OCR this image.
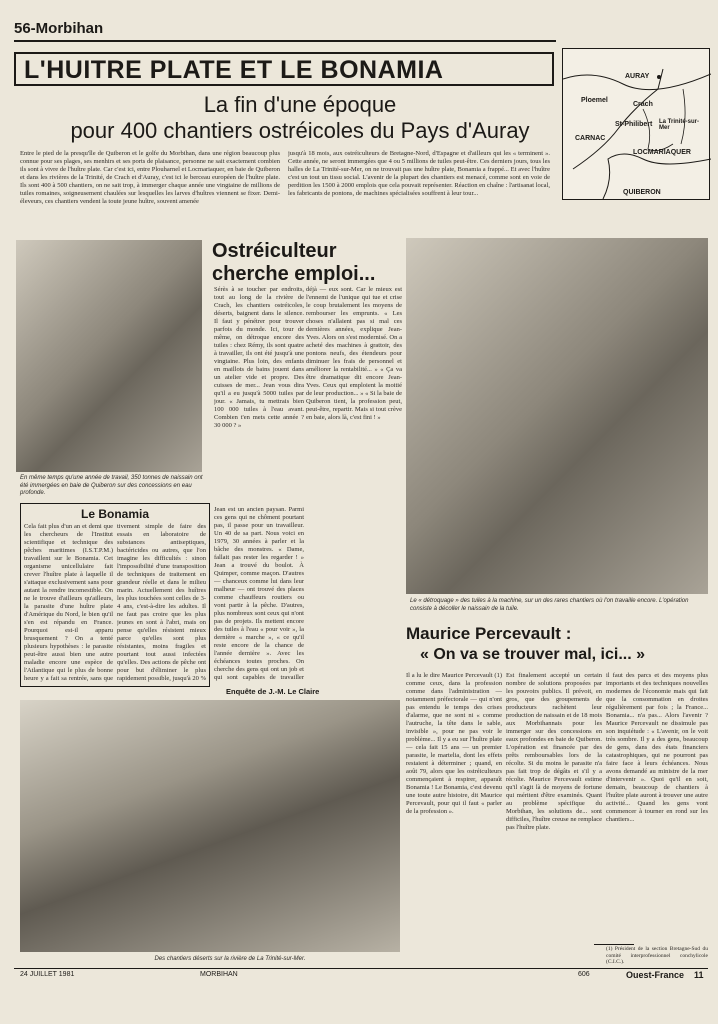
56-Morbihan
L'HUITRE PLATE ET LE BONAMIA
La fin d'une époque
pour 400 chantiers ostréicoles du Pays d'Auray
AURAY
Ploemel
Crach
St-Philibert
CARNAC
La Trinité-sur-Mer
LOCMARIAQUER
QUIBERON
Entre le pied de la presqu'île de Quiberon et le golfe du Morbihan, dans une région beaucoup plus connue pour ses plages, ses menhirs et ses ports de plaisance, personne ne sait exactement combien ils sont à vivre de l'huître plate. Car c'est ici, entre Plouharnel et Locmariaquer, en baie de Quiberon et dans les rivières de la Trinité, de Crach et d'Auray, c'est ici le berceau européen de l'huître plate. Ils sont 400 à 500 chantiers, on ne sait trop, à immerger chaque année une vingtaine de millions de tuiles romaines, soigneusement chaulées sur lesquelles les larves d'huîtres viennent se fixer. Demi-éleveurs, ces chantiers vendent la toute jeune huître, souvent amenée
jusqu'à 18 mois, aux ostréiculteurs de Bretagne-Nord, d'Espagne et d'ailleurs qui les « terminent ». Cette année, ne seront immergées que 4 ou 5 millions de tuiles peut-être. Ces derniers jours, tous les halles de La Trinité-sur-Mer, on ne trouvait pas une huître plate, Bonamia a frappé... Et avec l'huître c'est un tout un tissu social. L'avenir de la plupart des chantiers est menacé, comme sont en voie de perdition les 1500 à 2000 emplois que cela pouvait représenter. Réaction en chaîne : l'artisanat local, les fabricants de pontons, de machines spécialisées souffrent à leur tour...
En même temps qu'une année de travail, 350 tonnes de naissain ont été immergées en baie de Quiberon sur des concessions en eau profonde.
Ostréiculteur
cherche emploi...
Sérès à se toucher par endroits, tout au long de la rivière de Crach, les chantiers ostréicoles, déserts, baignent dans le silence. Il faut y pénétrer pour trouver parfois du monde. Ici, tour de même, on détroque encore des tuiles : chez Rémy, ils sont quatre à travailler, ils ont été jusqu'à une vingtaine. Plus loin, des enfants en maillots de bains jouent dans un atelier vide et propre. Des cuisses de mer... Jean vous dira qu'il a eu jusqu'à 5000 tuiles par jour. « Jamais, tu mettrais bien 100 000 tuiles à l'eau avant. Combien t'en mets cette année ? 30 000 ? »
déjà — eux sont. Car le mieux est l'ennemi de l'unique qui tue et crise le coup brutalement les moyens de rembourser les emprunts. « Les choses n'allaient pas si mal ces dernières années, explique Jean-Yves. Alors on s'est modernisé. On a acheté des machines à grattoir, des pontons neufs, des étendeurs pour diminuer les frais de personnel et améliorer la rentabilité... » « Ça va être dramatique dit encore Jean-Yves. Ceux qui emploient la moitié de leur production... » « Si la baie de Quiberon tient, la profession peut, peut-être, repartir. Mais si tout crève en baie, alors là, c'est fini ! »
Jean est un ancien paysan. Parmi ces gens qui ne chôment pourtant pas, il passe pour un travailleur. Un 40 de sa part. Nous voici en 1979, 30 années à parler et la bâche des monstres. « Dame, fallait pas rester les regarder ! » Jean a trouvé du boulot. À Quimper, comme maçon. D'autres — chanceux comme lui dans leur malheur — ont trouvé des places comme chauffeurs routiers ou vont partir à la pêche. D'autres, plus nombreux sont ceux qui n'ont pas de projets. Ils mettent encore des tuiles à l'eau « pour voir », la dernière « marche », « ce qu'il reste encore de la chance de l'année dernière ». Avec les échéances toutes proches. On cherche des gens qui ont un job et qui sont capables de travailler
Le « détroquage » des tuiles à la machine, sur un des rares chantiers où l'on travaille encore. L'opération consiste à décoller le naissain de la tuile.
Le Bonamia
Cela fait plus d'un an et demi que les chercheurs de l'Institut scientifique et technique des pêches maritimes (I.S.T.P.M.) travaillent sur le Bonamia. Cet organisme unicellulaire fait crever l'huître plate à laquelle il s'attaque exclusivement sans pour autant la rendre incomestible. On ne le trouve d'ailleurs qu'ailleurs, la parasite d'une huître plate d'Amérique du Nord, le bien qu'il s'en est répandu en France. Pourquoi est-il apparu brusquement ? On a tenté plusieurs hypothèses : le parasite peut-être aussi bien une autre maladie encore une espèce de l'Atlantique qui le plus de bonne heure y a fait sa rentrée, sans que
tivement simple de faire des essais en laboratoire de substances antiseptiques, bactéricides ou autres, que l'on imagine les difficultés : sinon l'impossibilité d'une transposition de techniques de traitement en grandeur réelle et dans le milieu marin. Actuellement des huîtres les plus touchées sont celles de 3-4 ans, c'est-à-dire les adultes. Il ne faut pas croire que les plus jeunes en sont à l'abri, mais on pense qu'elles résistent mieux parce qu'elles sont plus résistantes, moins fragiles et pourtant tout aussi infectées qu'elles. Des actions de pêche ont pour but d'éliminer le plus rapidement possible, jusqu'à 20 %
Maurice Percevault :
« On va se trouver mal, ici... »
Il a lu le dire Maurice Percevault (1) comme ceux, dans la profession comme dans l'administration — notamment préfectorale — qui n'ont pas entendu le temps des crises d'alarme, que ne sont ni « comme l'autruche, la tête dans le sable, invisible », pour ne pas voir le problème... Il y a eu sur l'huître plate — cela fait 15 ans — un premier parasite, le martelia, dont les effets restaient à déterminer ; quand, en août 79, alors que les ostréiculteurs commençaient à respirer, apparaît Bonamia ! Le Bonamia, c'est devenu une toute autre histoire, dit Maurice Percevault, pour qui il faut « parler de la profession ».
Est finalement accepté un certain nombre de solutions proposées par les pouvoirs publics. Il prévoit, en gros, que des groupements de producteurs rachètent leur production de naissain et de 18 mois aux Morbihannais pour les immerger sur des concessions en eaux profondes en baie de Quiberon. L'opération est financée par des prêts remboursables lors de la récolte. Si du moins le parasite n'a pas fait trop de dégâts et s'il y a récolte. Maurice Percevault estime qu'il s'agit là de moyens de fortune qui méritent d'être examinés. Quant au problème spécifique du Morbihan, les solutions de... sont difficiles, l'huître creuse ne remplace pas l'huître plate.
il faut des parcs et des moyens plus importants et des techniques nouvelles modernes de l'économie mais qui fait que la consommation en droites régulièrement par fois ; la France... Bonamia... n'a pas... Alors l'avenir ? Maurice Percevault ne dissimule pas son inquiétude : « L'avenir, on le voit très sombre. Il y a des gens, beaucoup de gens, dans des états financiers catastrophiques, qui ne pourront pas faire face à leurs échéances. Nous avons demandé au ministre de la mer d'intervenir ». Quoi qu'il en soit, demain, beaucoup de chantiers à l'huître plate auront à trouver une autre activité... Quand les gens vont commencer à tourner en rond sur les chantiers...
(1) Président de la section Bretagne-Sud du comité interprofessionnel conchylicole (C.I.C.).
Enquête de J.-M. Le Claire
Des chantiers déserts sur la rivière de La Trinité-sur-Mer.
24 JUILLET 1981	MORBIHAN	606	Ouest-France 11
